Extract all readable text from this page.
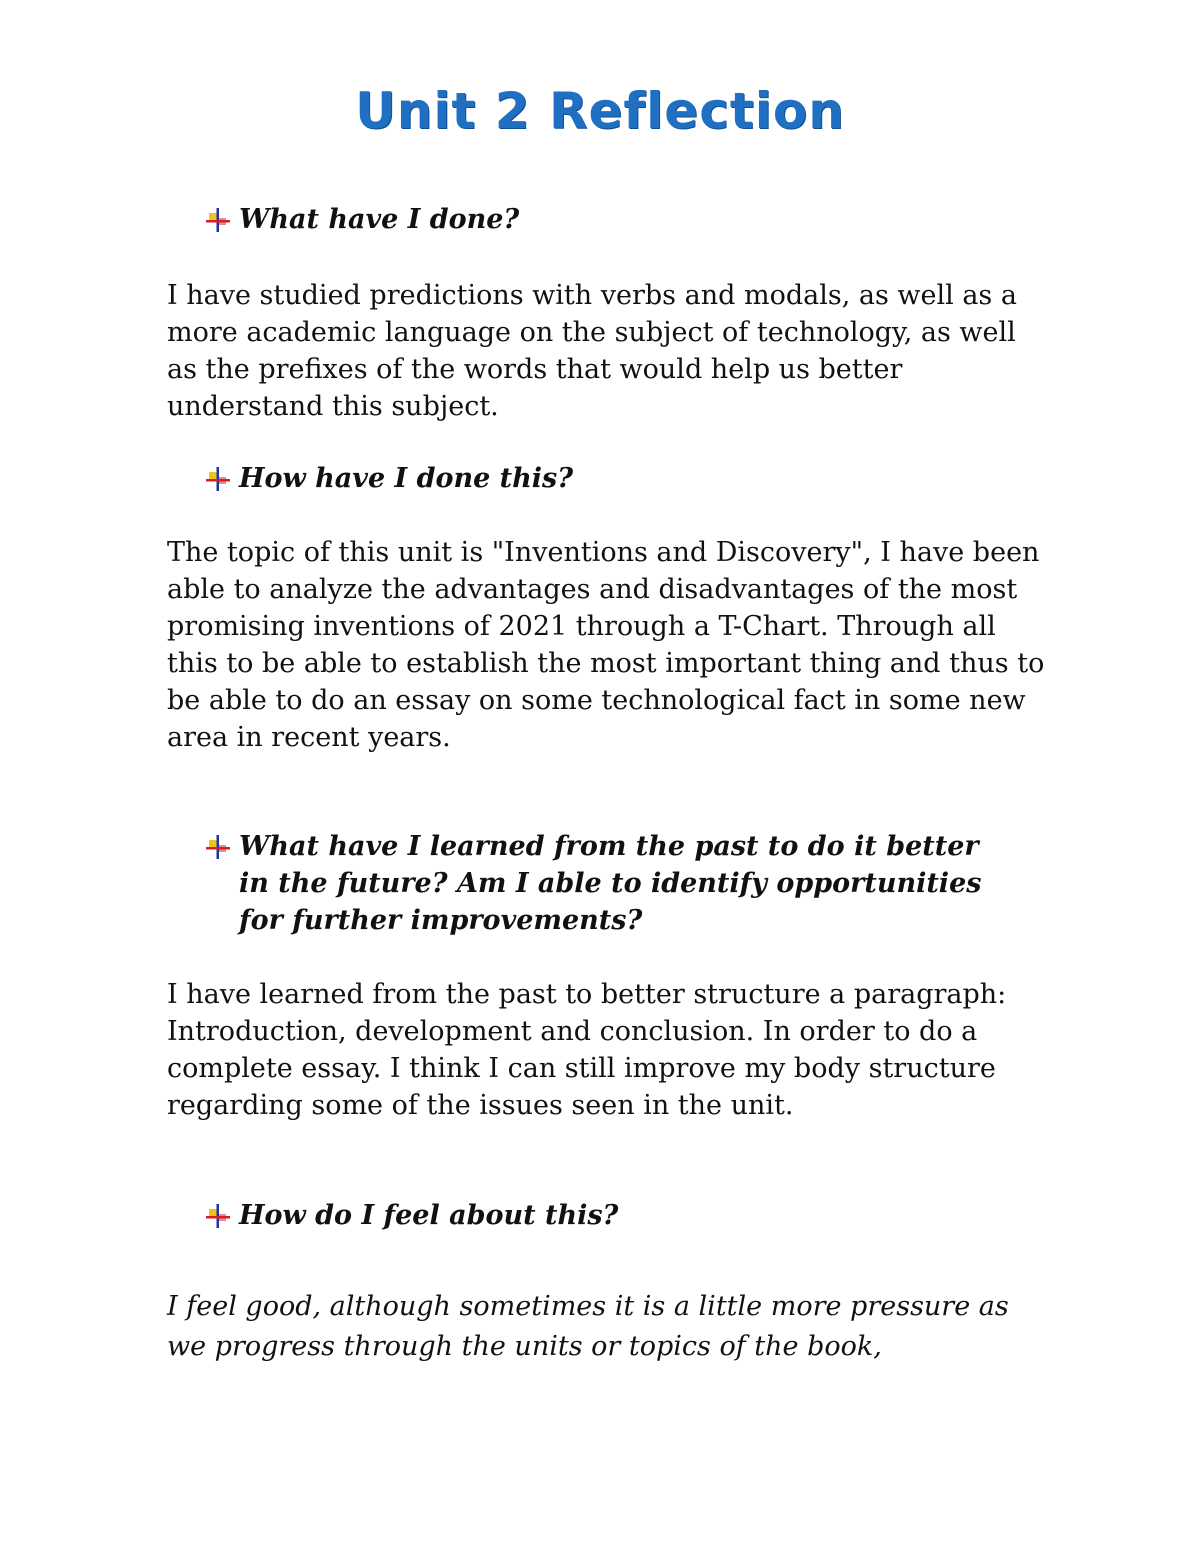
Unit 2 Reflection
What have I done?
I have studied predictions with verbs and modals, as well as a more academic language on the subject of technology, as well as the prefixes of the words that would help us better understand this subject.
How have I done this?
The topic of this unit is "Inventions and Discovery", I have been able to analyze the advantages and disadvantages of the most promising inventions of 2021 through a T-Chart. Through all this to be able to establish the most important thing and thus to be able to do an essay on some technological fact in some new area in recent years.
What have I learned from the past to do it better in the future? Am I able to identify opportunities for further improvements?
I have learned from the past to better structure a paragraph: Introduction, development and conclusion. In order to do a complete essay. I think I can still improve my body structure regarding some of the issues seen in the unit.
How do I feel about this?
I feel good, although sometimes it is a little more pressure as we progress through the units or topics of the book,
